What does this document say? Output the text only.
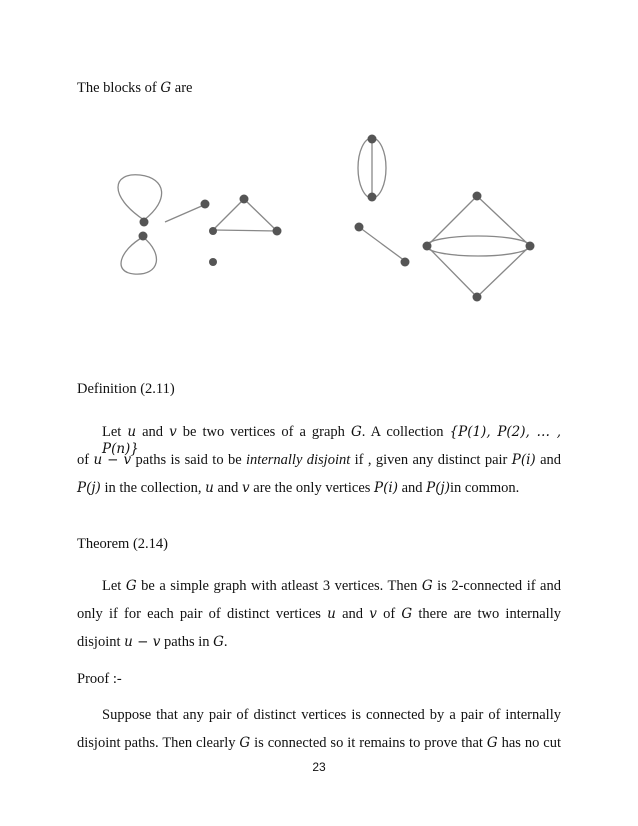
The blocks of G are
Definition (2.11)
Let u and v be two vertices of a graph G. A collection {P(1), P(2), … , P(n)}
of u − v paths is said to be internally disjoint if , given any distinct pair P(i) and
P(j) in the collection, u and v are the only vertices P(i) and P(j)in common.
Theorem (2.14)
Let G be a simple graph with atleast 3 vertices. Then G is 2-connected if and
only if for each pair of distinct vertices u and v of G there are two internally
disjoint u − v paths in G.
Proof :-
Suppose that any pair of distinct vertices is connected by a pair of internally
disjoint paths. Then clearly G is connected so it remains to prove that G has no cut
23
